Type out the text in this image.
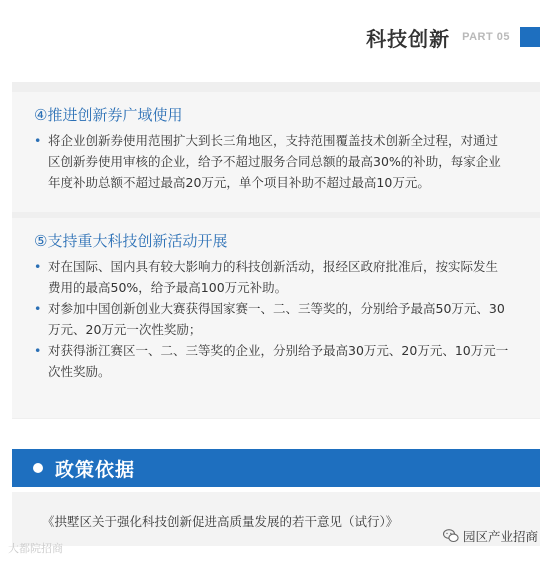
科技创新 PART 05
④推进创新券广域使用
• 将企业创新券使用范围扩大到长三角地区，支持范围覆盖技术创新全过程，对通过区创新券使用审核的企业，给予不超过服务合同总额的最高30%的补助，每家企业年度补助总额不超过最高20万元，单个项目补助不超过最高10万元。
⑤支持重大科技创新活动开展
• 对在国际、国内具有较大影响力的科技创新活动，报经区政府批准后，按实际发生费用的最高50%，给予最高100万元补助。
• 对参加中国创新创业大赛获得国家赛一、二、三等奖的，分别给予最高50万元、30万元、20万元一次性奖励；
• 对获得浙江赛区一、二、三等奖的企业，分别给予最高30万元、20万元、10万元一次性奖励。
政策依据
《拱墅区关于强化科技创新促进高质量发展的若干意见（试行）》
大都院招商
园区产业招商
